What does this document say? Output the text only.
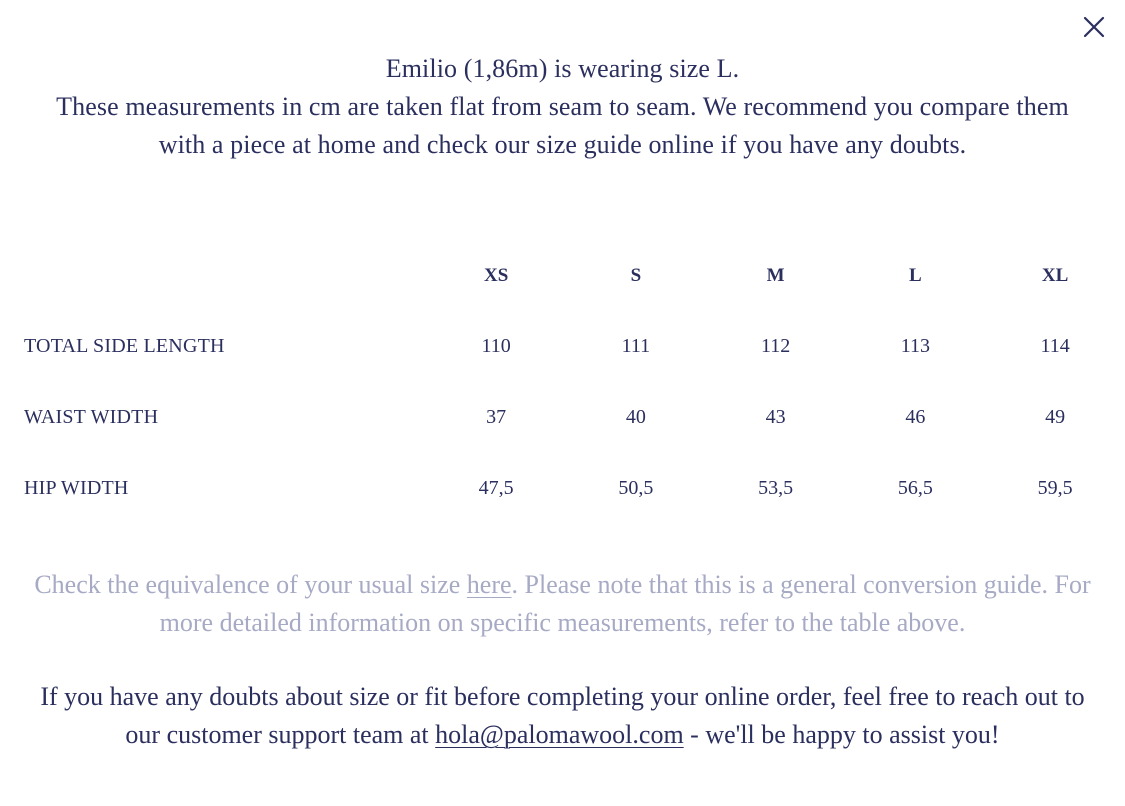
Emilio (1,86m) is wearing size L.

These measurements in cm are taken flat from seam to seam. We recommend you compare them with a piece at home and check our size guide online if you have any doubts.

	XS	S	M	L	XL
TOTAL SIDE LENGTH	110	111	112	113	114
WAIST WIDTH	37	40	43	46	49
HIP WIDTH	47,5	50,5	53,5	56,5	59,5

Check the equivalence of your usual size here. Please note that this is a general conversion guide. For more detailed information on specific measurements, refer to the table above.

If you have any doubts about size or fit before completing your online order, feel free to reach out to our customer support team at hola@palomawool.com - we'll be happy to assist you!
